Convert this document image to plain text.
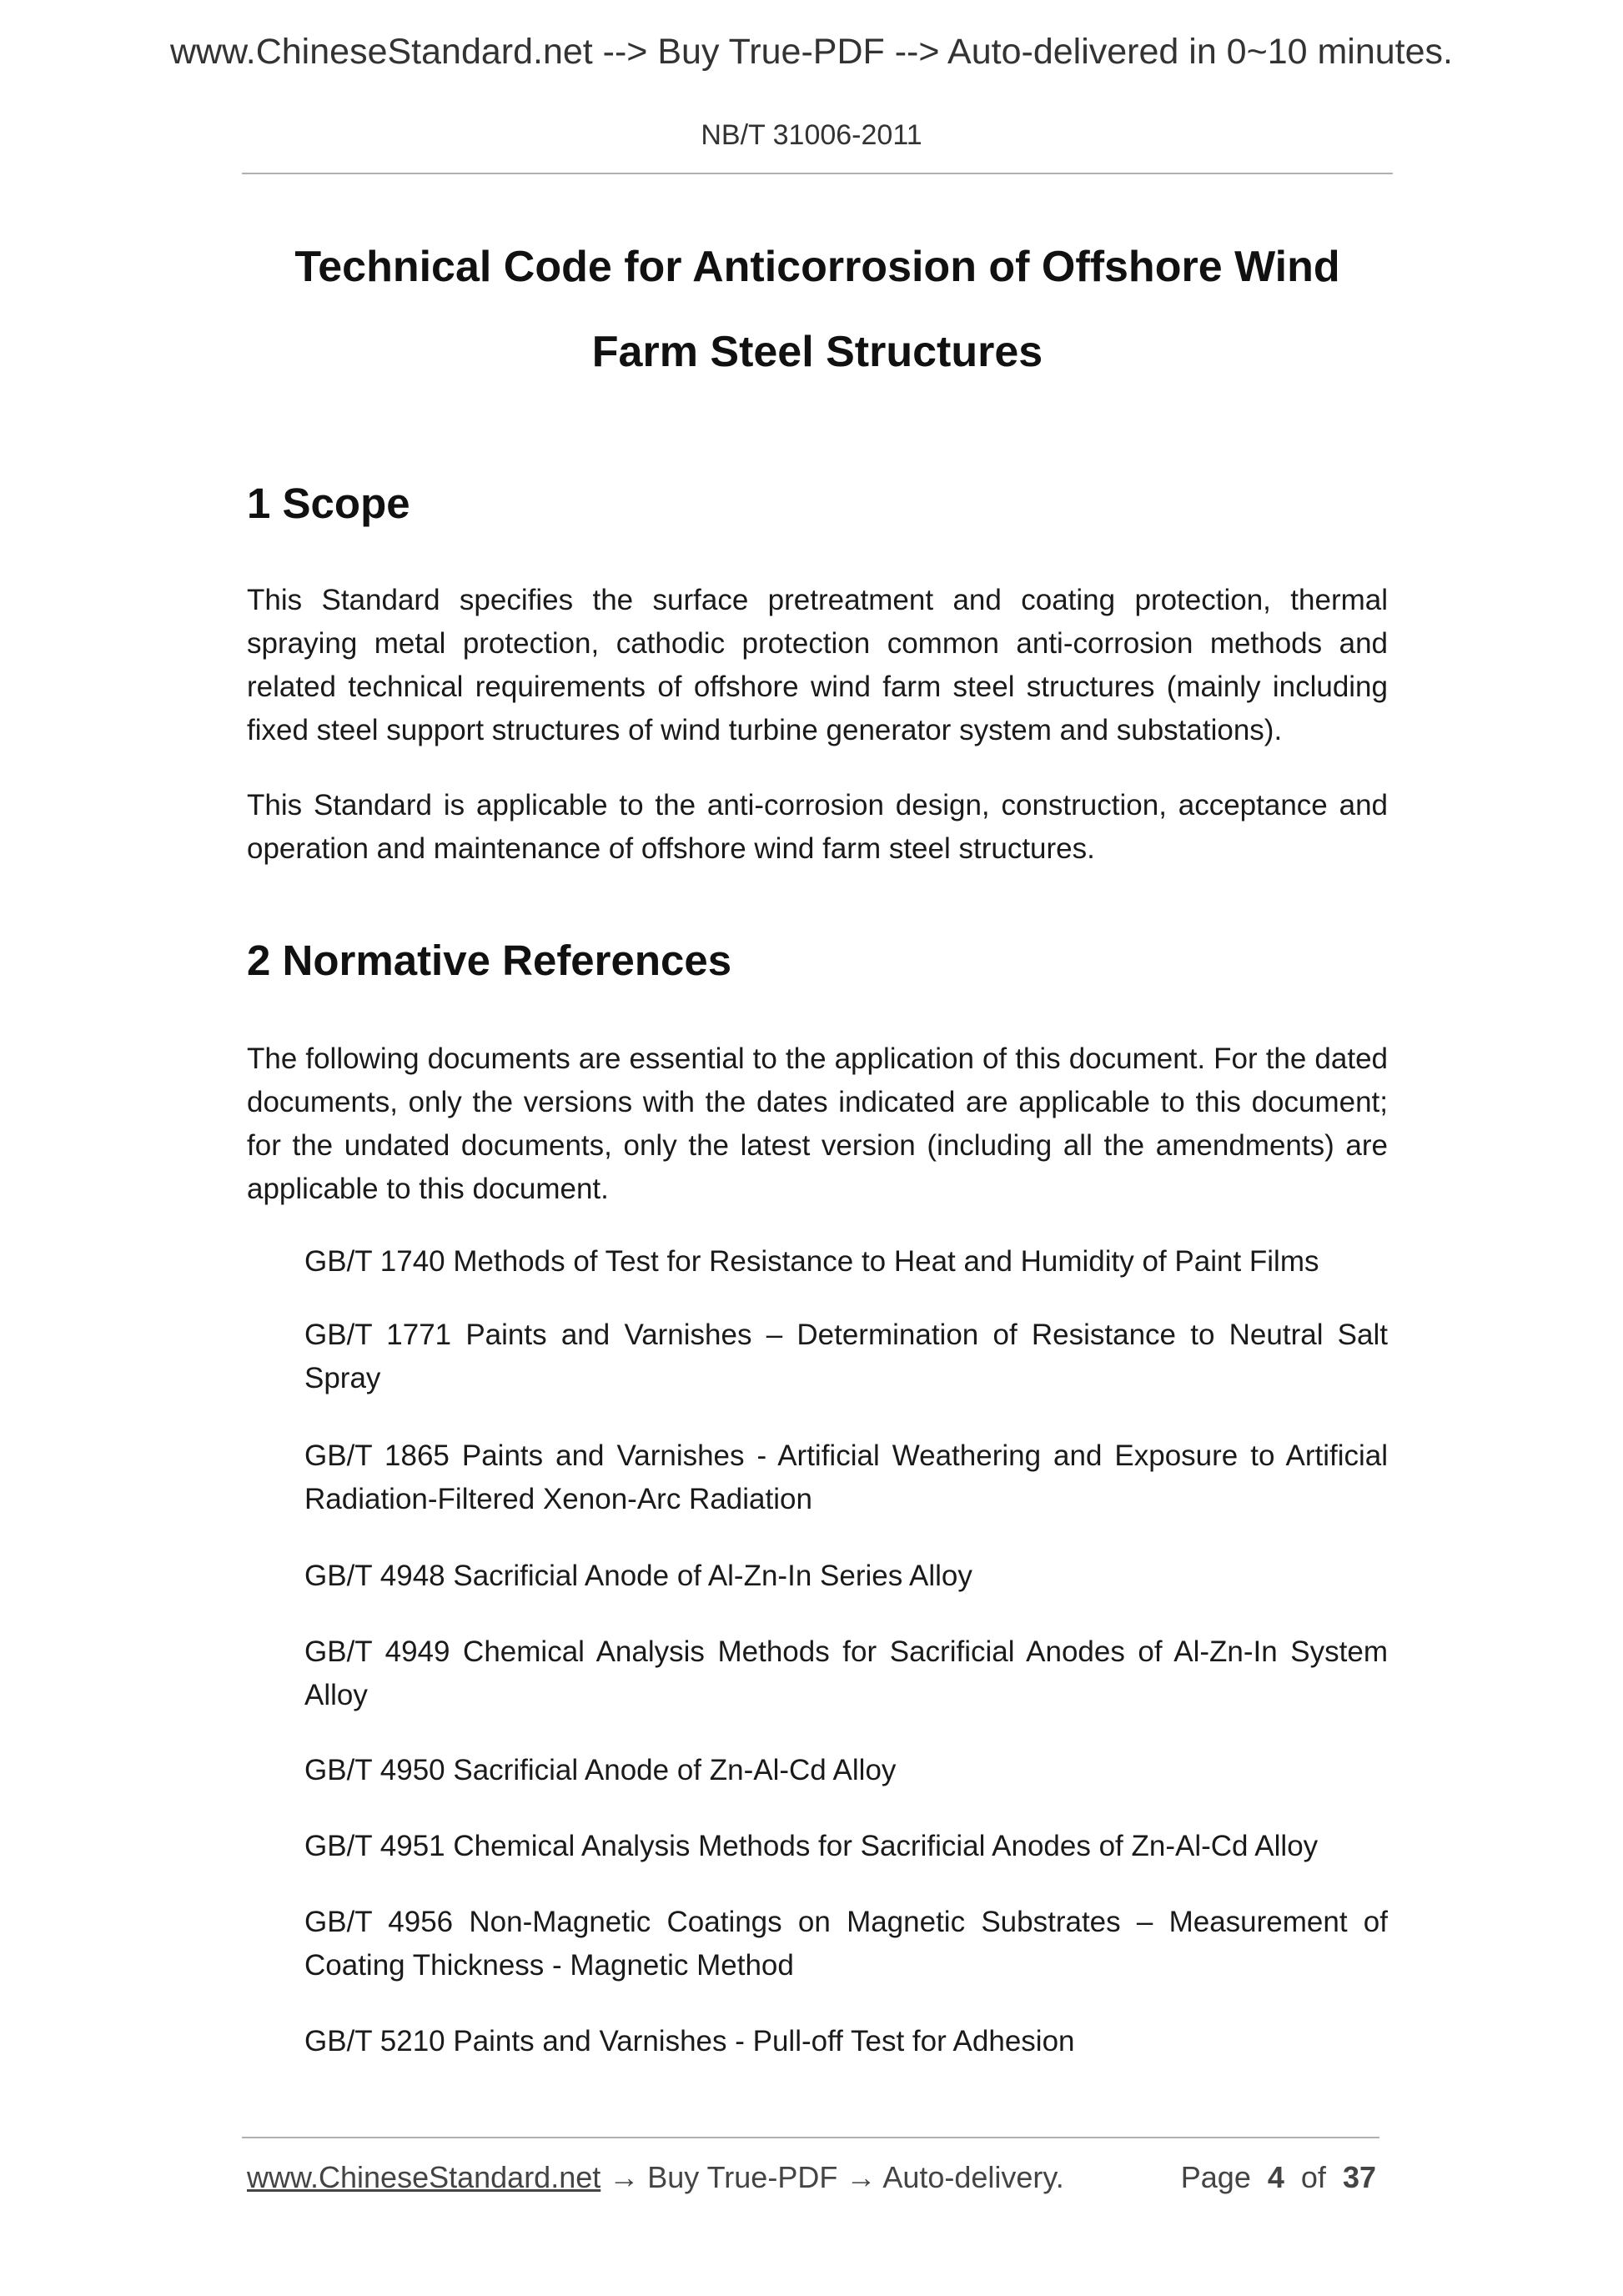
www.ChineseStandard.net --> Buy True-PDF --> Auto-delivered in 0~10 minutes.
NB/T 31006-2011
Technical Code for Anticorrosion of Offshore Wind
Farm Steel Structures
1 Scope
This Standard specifies the surface pretreatment and coating protection, thermal spraying metal protection, cathodic protection common anti-corrosion methods and related technical requirements of offshore wind farm steel structures (mainly including fixed steel support structures of wind turbine generator system and substations).
This Standard is applicable to the anti-corrosion design, construction, acceptance and operation and maintenance of offshore wind farm steel structures.
2 Normative References
The following documents are essential to the application of this document. For the dated documents, only the versions with the dates indicated are applicable to this document; for the undated documents, only the latest version (including all the amendments) are applicable to this document.
GB/T 1740 Methods of Test for Resistance to Heat and Humidity of Paint Films
GB/T 1771 Paints and Varnishes – Determination of Resistance to Neutral Salt Spray
GB/T 1865 Paints and Varnishes - Artificial Weathering and Exposure to Artificial Radiation-Filtered Xenon-Arc Radiation
GB/T 4948 Sacrificial Anode of Al-Zn-In Series Alloy
GB/T 4949 Chemical Analysis Methods for Sacrificial Anodes of Al-Zn-In System Alloy
GB/T 4950 Sacrificial Anode of Zn-Al-Cd Alloy
GB/T 4951 Chemical Analysis Methods for Sacrificial Anodes of Zn-Al-Cd Alloy
GB/T 4956 Non-Magnetic Coatings on Magnetic Substrates – Measurement of Coating Thickness - Magnetic Method
GB/T 5210 Paints and Varnishes - Pull-off Test for Adhesion
www.ChineseStandard.net → Buy True-PDF → Auto-delivery.	Page 4 of 37
